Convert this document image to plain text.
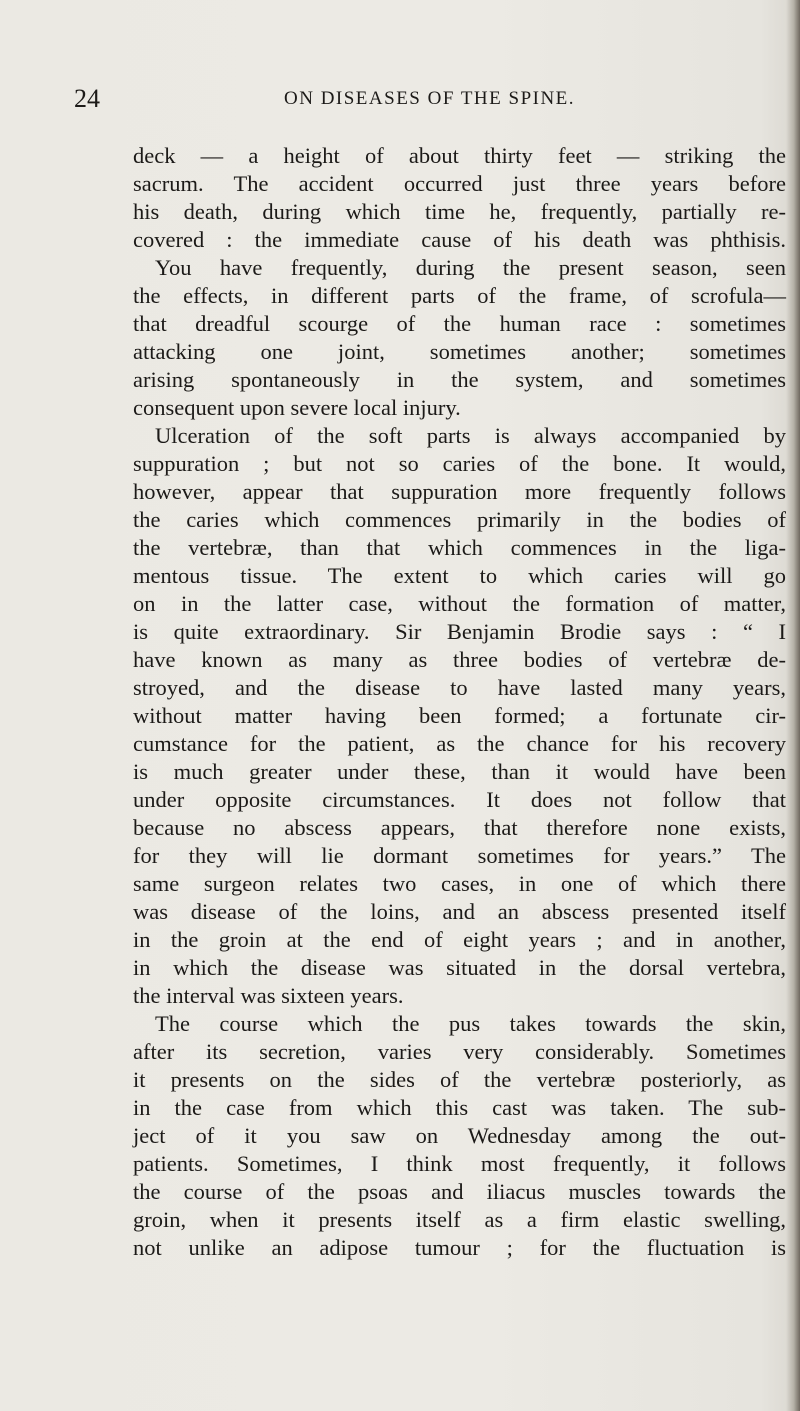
24	ON DISEASES OF THE SPINE.
deck — a height of about thirty feet — striking the
sacrum. The accident occurred just three years before
his death, during which time he, frequently, partially re-
covered : the immediate cause of his death was phthisis.
You have frequently, during the present season, seen
the effects, in different parts of the frame, of scrofula—
that dreadful scourge of the human race : sometimes
attacking one joint, sometimes another; sometimes
arising spontaneously in the system, and sometimes
consequent upon severe local injury.
Ulceration of the soft parts is always accompanied by
suppuration ; but not so caries of the bone. It would,
however, appear that suppuration more frequently follows
the caries which commences primarily in the bodies of
the vertebræ, than that which commences in the liga-
mentous tissue. The extent to which caries will go
on in the latter case, without the formation of matter,
is quite extraordinary. Sir Benjamin Brodie says : “ I
have known as many as three bodies of vertebræ de-
stroyed, and the disease to have lasted many years,
without matter having been formed; a fortunate cir-
cumstance for the patient, as the chance for his recovery
is much greater under these, than it would have been
under opposite circumstances. It does not follow that
because no abscess appears, that therefore none exists,
for they will lie dormant sometimes for years.” The
same surgeon relates two cases, in one of which there
was disease of the loins, and an abscess presented itself
in the groin at the end of eight years ; and in another,
in which the disease was situated in the dorsal vertebra,
the interval was sixteen years.
The course which the pus takes towards the skin,
after its secretion, varies very considerably. Sometimes
it presents on the sides of the vertebræ posteriorly, as
in the case from which this cast was taken. The sub-
ject of it you saw on Wednesday among the out-
patients. Sometimes, I think most frequently, it follows
the course of the psoas and iliacus muscles towards the
groin, when it presents itself as a firm elastic swelling,
not unlike an adipose tumour ; for the fluctuation is
